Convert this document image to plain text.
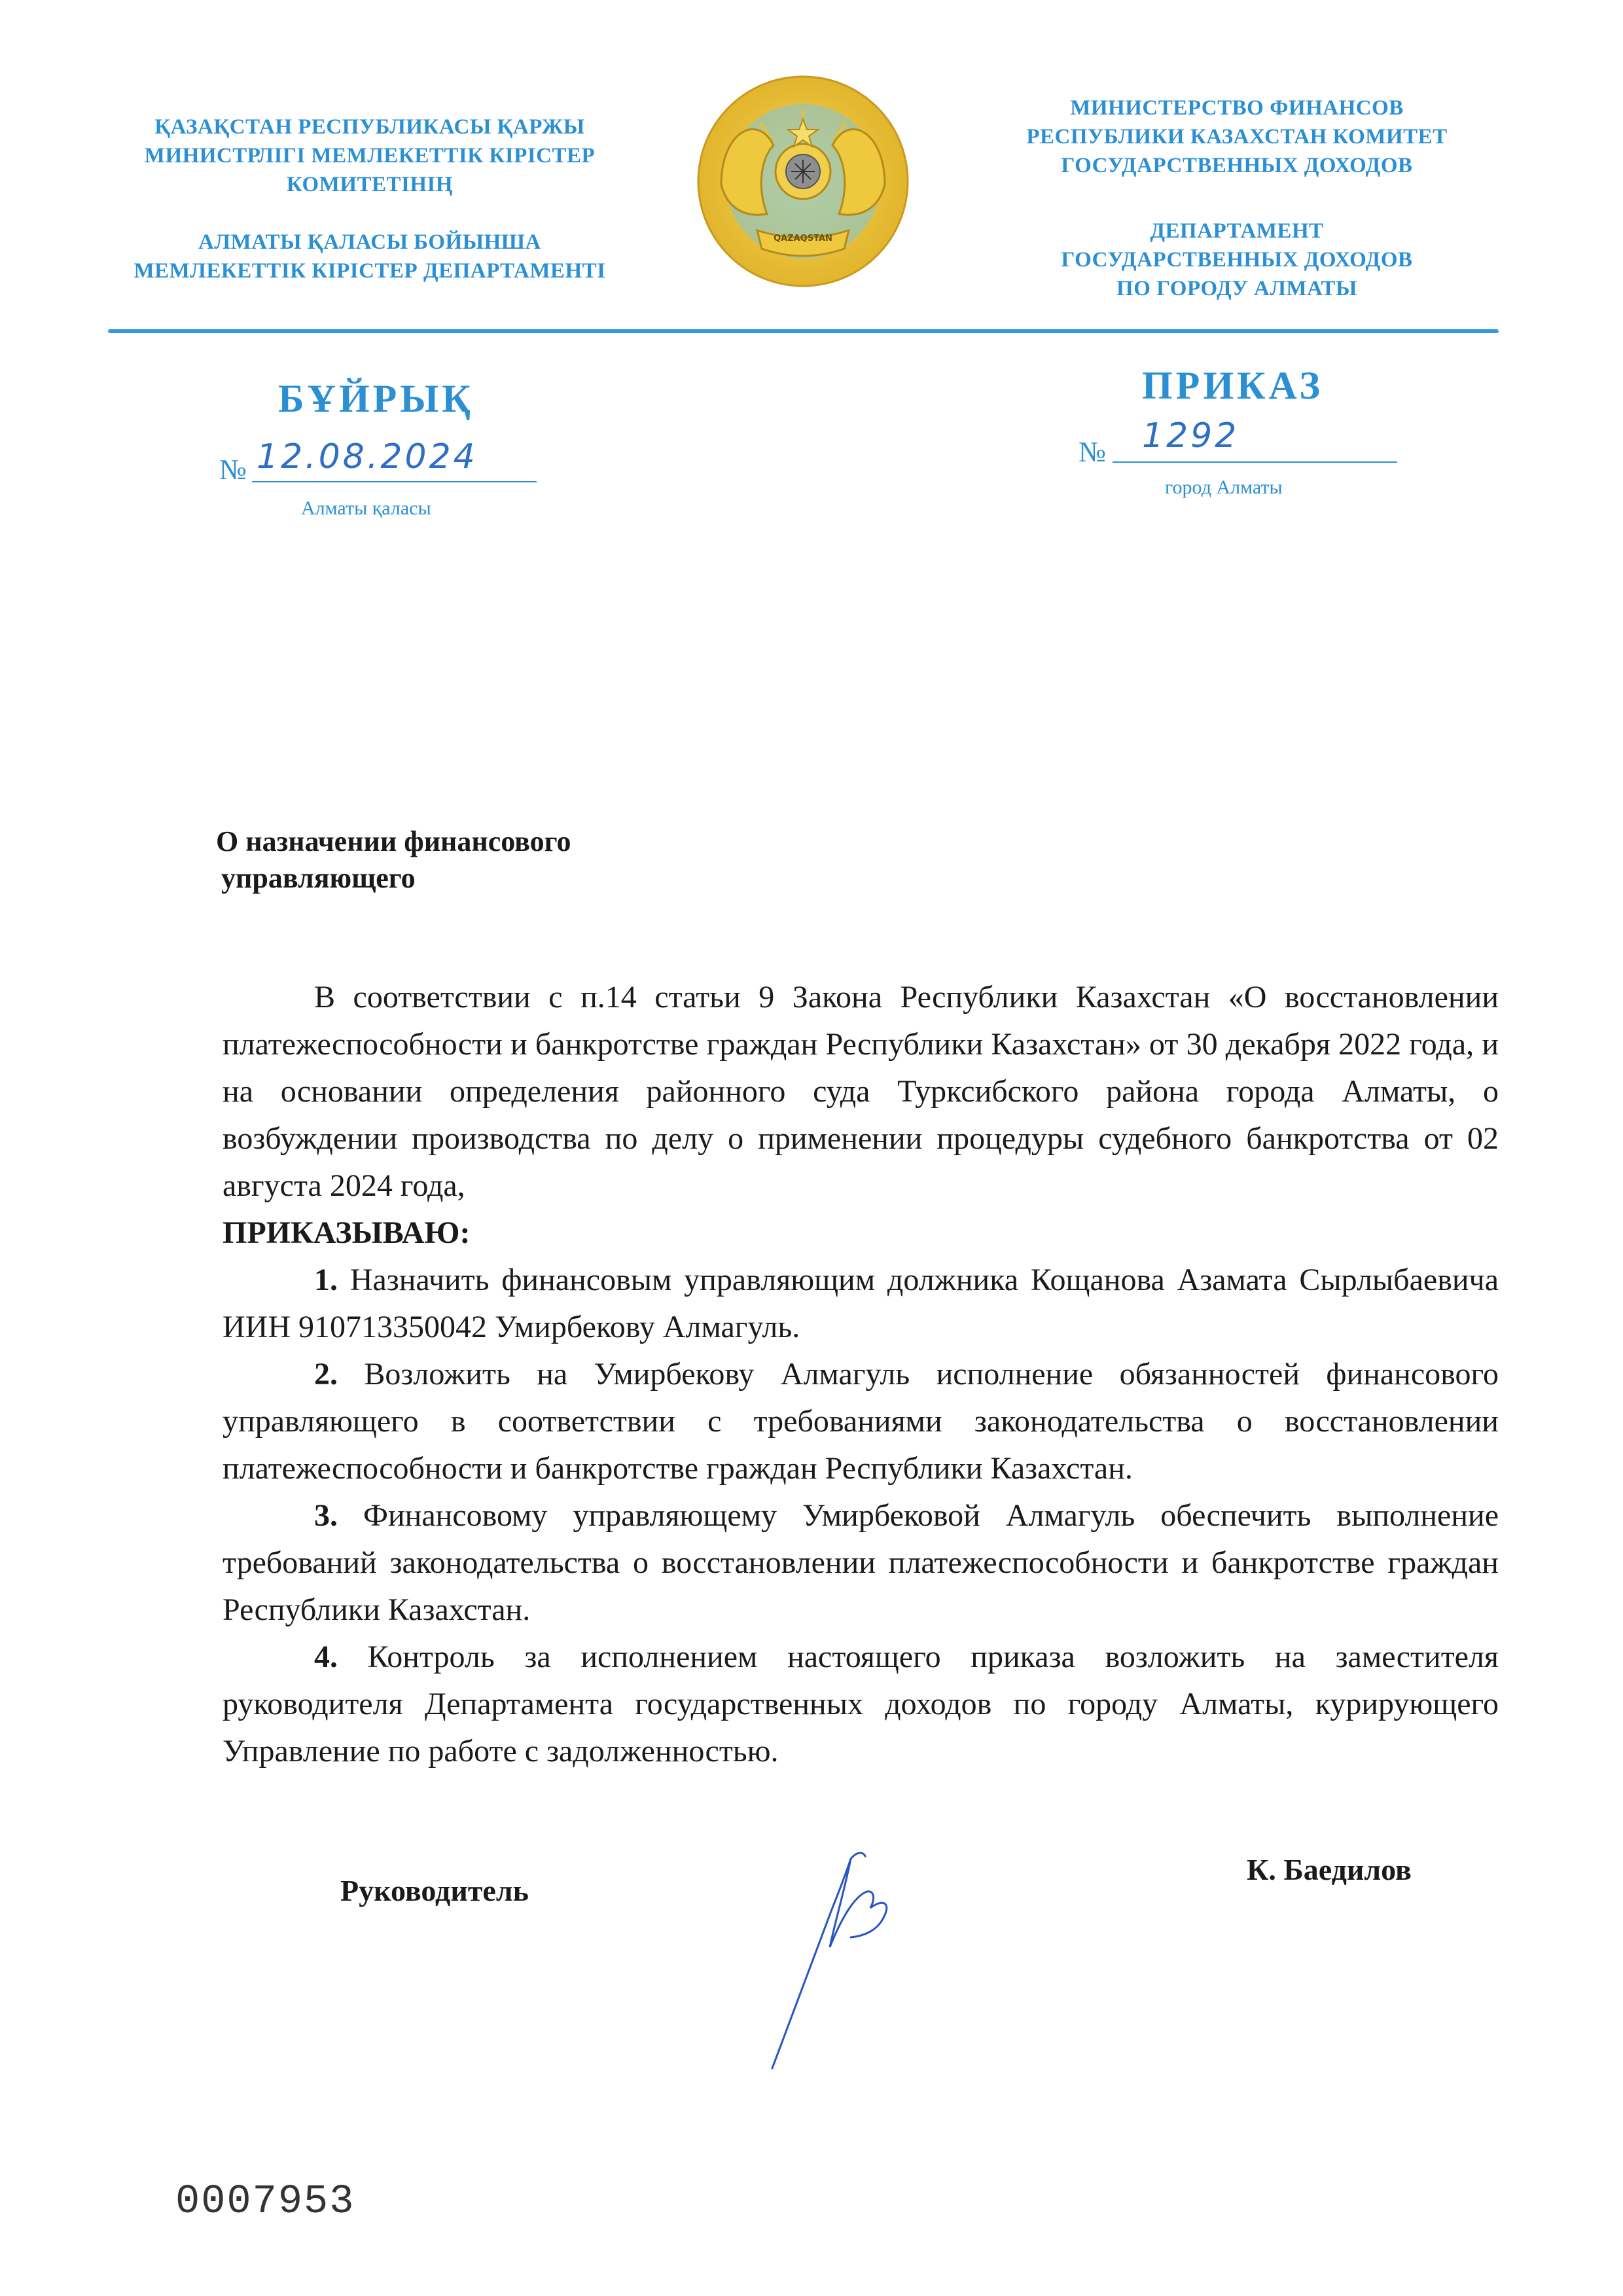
ҚАЗАҚСТАН РЕСПУБЛИКАСЫ ҚАРЖЫ
МИНИСТРЛІГІ МЕМЛЕКЕТТІК КІРІСТЕР
КОМИТЕТІНІҢ
АЛМАТЫ ҚАЛАСЫ БОЙЫНША
МЕМЛЕКЕТТІК КІРІСТЕР ДЕПАРТАМЕНТІ
QAZAQSTAN
МИНИСТЕРСТВО ФИНАНСОВ
РЕСПУБЛИКИ КАЗАХСТАН КОМИТЕТ
ГОСУДАРСТВЕННЫХ ДОХОДОВ
ДЕПАРТАМЕНТ
ГОСУДАРСТВЕННЫХ ДОХОДОВ
ПО ГОРОДУ АЛМАТЫ
БҰЙРЫҚ
№ 12.08.2024
Алматы қаласы
ПРИКАЗ
№ 1292
город Алматы
О назначении финансового
управляющего

В соответствии с п.14 статьи 9 Закона Республики Казахстан «О восстановлении платежеспособности и банкротстве граждан Республики Казахстан» от 30 декабря 2022 года, и на основании определения районного суда Турксибского района города Алматы, о возбуждении производства по делу о применении процедуры судебного банкротства от 02 августа 2024 года,

ПРИКАЗЫВАЮ:

1. Назначить финансовым управляющим должника Кощанова Азамата Сырлыбаевича ИИН 910713350042 Умирбекову Алмагуль.

2. Возложить на Умирбекову Алмагуль исполнение обязанностей финансового управляющего в соответствии с требованиями законодательства о восстановлении платежеспособности и банкротстве граждан Республики Казахстан.

3. Финансовому управляющему Умирбековой Алмагуль обеспечить выполнение требований законодательства о восстановлении платежеспособности и банкротстве граждан Республики Казахстан.

4. Контроль за исполнением настоящего приказа возложить на заместителя руководителя Департамента государственных доходов по городу Алматы, курирующего Управление по работе с задолженностью.

Руководитель
К. Баедилов
0007953
